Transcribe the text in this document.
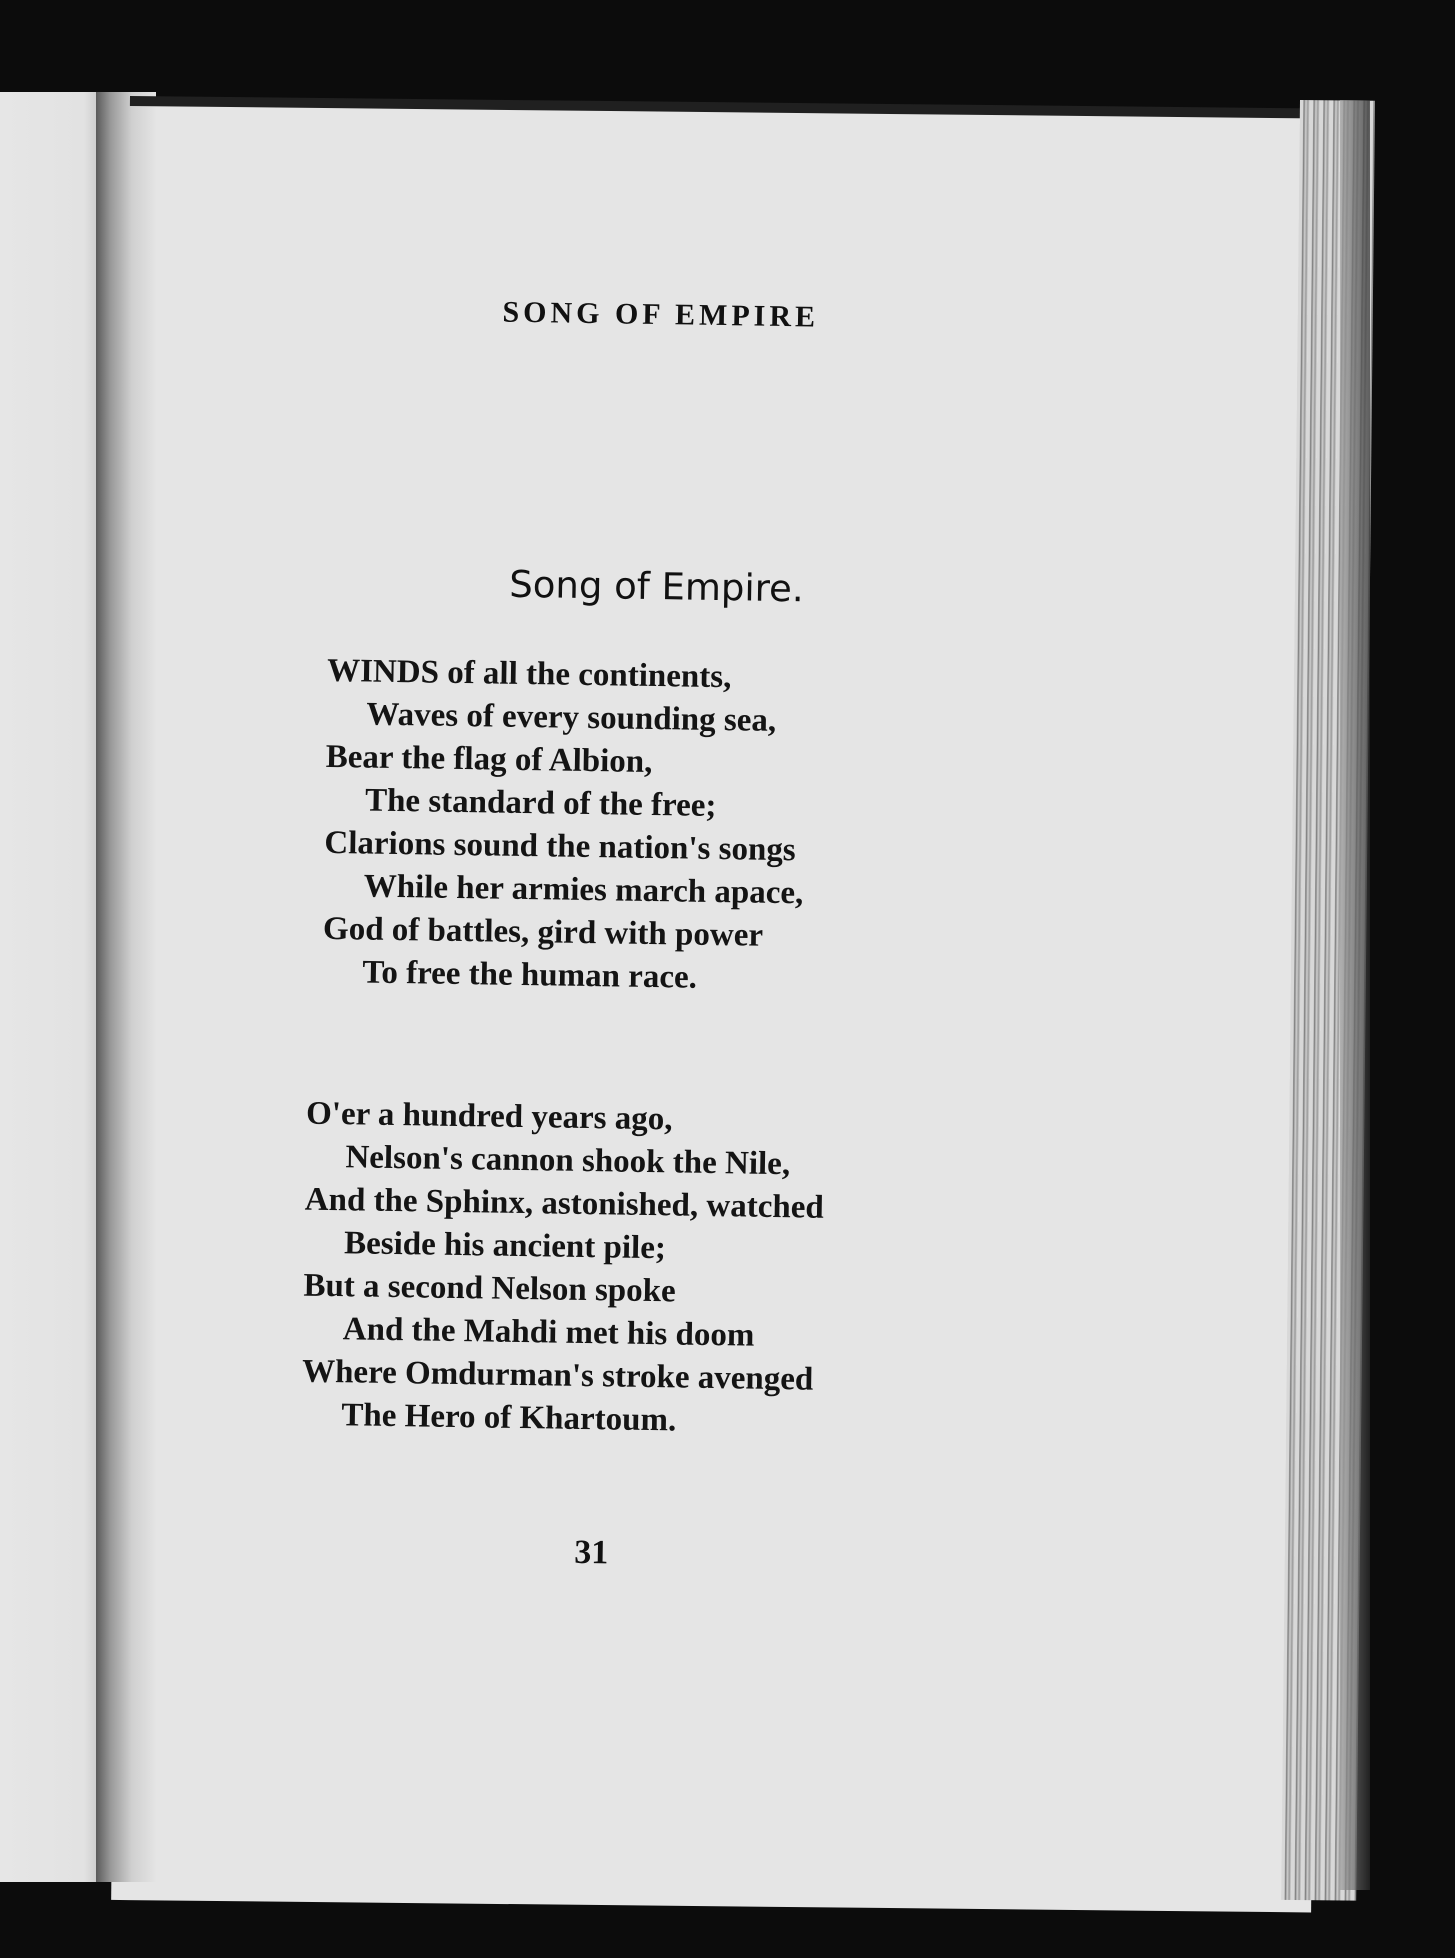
SONG OF EMPIRE
Song of Empire.
WINDS of all the continents,
Waves of every sounding sea,
Bear the flag of Albion,
The standard of the free;
Clarions sound the nation's songs
While her armies march apace,
God of battles, gird with power
To free the human race.
O'er a hundred years ago,
Nelson's cannon shook the Nile,
And the Sphinx, astonished, watched
Beside his ancient pile;
But a second Nelson spoke
And the Mahdi met his doom
Where Omdurman's stroke avenged
The Hero of Khartoum.
31
